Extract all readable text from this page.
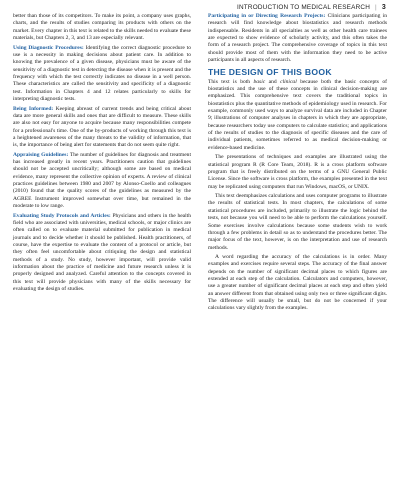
INTRODUCTION TO MEDICAL RESEARCH | 3

better than those of its competitors. To make its point, a company uses graphs, charts, and the results of studies comparing its products with others on the market. Every chapter in this text is related to the skills needed to evaluate these materials, but Chapters 2, 3, and 13 are especially relevant.

Using Diagnostic Procedures: Identifying the correct diagnostic procedure to use is a necessity in making decisions about patient care. In addition to knowing the prevalence of a given disease, physicians must be aware of the sensitivity of a diagnostic test in detecting the disease when it is present and the frequency with which the test correctly indicates no disease in a well person. These characteristics are called the sensitivity and specificity of a diagnostic test. Information in Chapters 4 and 12 relates particularly to skills for interpreting diagnostic tests.

Being Informed: Keeping abreast of current trends and being critical about data are more general skills and ones that are difficult to measure. These skills are also not easy for anyone to acquire because many responsibilities compete for a professional's time. One of the by-products of working through this text is a heightened awareness of the many threats to the validity of information, that is, the importance of being alert for statements that do not seem quite right.

Appraising Guidelines: The number of guidelines for diagnosis and treatment has increased greatly in recent years. Practitioners caution that guidelines should not be accepted uncritically; although some are based on medical evidence, many represent the collective opinion of experts. A review of clinical practices guidelines between 1980 and 2007 by Alonso-Coello and colleagues (2010) found that the quality scores of the guidelines as measured by the AGREE Instrument improved somewhat over time, but remained in the moderate to low range.

Evaluating Study Protocols and Articles: Physicians and others in the health field who are associated with universities, medical schools, or major clinics are often called on to evaluate material submitted for publication in medical journals and to decide whether it should be published. Health practitioners, of course, have the expertise to evaluate the content of a protocol or article, but they often feel uncomfortable about critiquing the design and statistical methods of a study. No study, however important, will provide valid information about the practice of medicine and future research unless it is properly designed and analyzed. Careful attention to the concepts covered in this text will provide physicians with many of the skills necessary for evaluating the design of studies.

Participating in or Directing Research Projects: Clinicians participating in research will find knowledge about biostatistics and research methods indispensable. Residents in all specialties as well as other health care trainees are expected to show evidence of scholarly activity, and this often takes the form of a research project. The comprehensive coverage of topics in this text should provide most of them with the information they need to be active participants in all aspects of research.

THE DESIGN OF THIS BOOK

This text is both basic and clinical because both the basic concepts of biostatistics and the use of these concepts in clinical decision-making are emphasized. This comprehensive text covers the traditional topics in biostatistics plus the quantitative methods of epidemiology used in research. For example, commonly used ways to analyze survival data are included in Chapter 9; illustrations of computer analyses in chapters in which they are appropriate, because researchers today use computers to calculate statistics; and applications of the results of studies to the diagnosis of specific diseases and the care of individual patients, sometimes referred to as medical decision-making or evidence-based medicine.

The presentations of techniques and examples are illustrated using the statistical program R (R Core Team, 2018). R is a cross platform software program that is freely distributed on the terms of a GNU General Public License. Since the software is cross platform, the examples presented in the text may be replicated using computers that run Windows, macOS, or UNIX.

This text deemphasizes calculations and uses computer programs to illustrate the results of statistical tests. In most chapters, the calculations of some statistical procedures are included, primarily to illustrate the logic behind the tests, not because you will need to be able to perform the calculations yourself. Some exercises involve calculations because some students wish to work through a few problems in detail so as to understand the procedures better. The major focus of the text, however, is on the interpretation and use of research methods.

A word regarding the accuracy of the calculations is in order. Many examples and exercises require several steps. The accuracy of the final answer depends on the number of significant decimal places to which figures are extended at each step of the calculation. Calculators and computers, however, use a greater number of significant decimal places at each step and often yield an answer different from that obtained using only two or three significant digits. The difference will usually be small, but do not be concerned if your calculations vary slightly from the examples.
